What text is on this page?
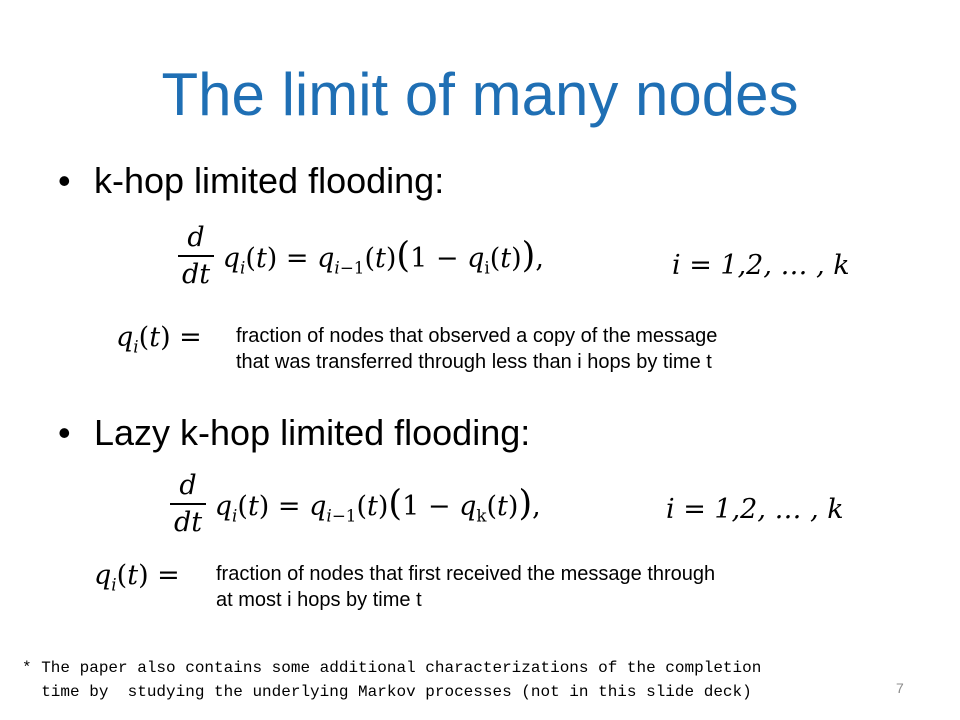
The limit of many nodes
• k-hop limited flooding:
$\frac{d}{dt} q_i(t) = q_{i-1}(t)(1 - q_i(t))$,	i = 1,2, … , k
$q_i(t)$ = fraction of nodes that observed a copy of the message
that was transferred through less than i hops by time t
• Lazy k-hop limited flooding:
$\frac{d}{dt} q_i(t) = q_{i-1}(t)(1 - q_k(t))$,	i = 1,2, … , k
$q_i(t)$ = fraction of nodes that first received the message through
at most i hops by time t
* The paper also contains some additional characterizations of the completion
time by  studying the underlying Markov processes (not in this slide deck)	7
